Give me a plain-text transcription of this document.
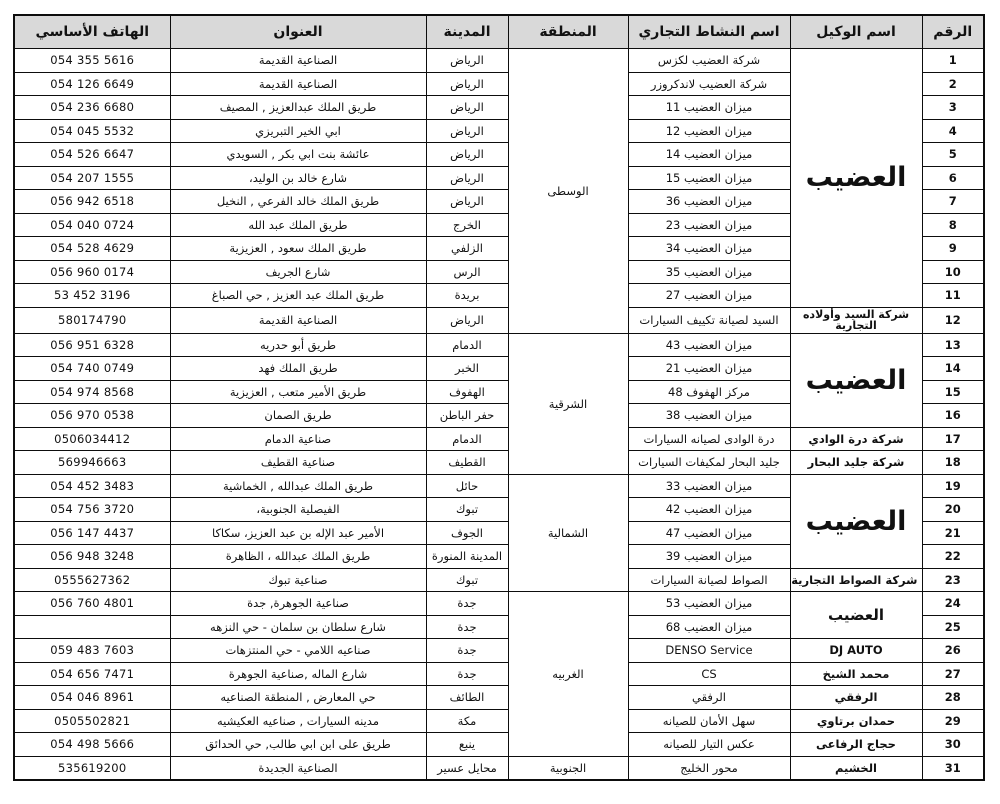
الرقم	اسم الوكيل	اسم النشاط التجاري	المنطقة	المدينة	العنوان	الهاتف الأساسي
1	العضيب	شركة العضيب لكزس	الوسطى	الرياض	الصناعية القديمة	054 355 5616
2		شركة العضيب لاندكروزر		الرياض	الصناعية القديمة	054 126 6649
3		ميزان العضيب 11		الرياض	طريق الملك عبدالعزيز , المصيف	054 236 6680
4		ميزان العضيب 12		الرياض	ابي الخير التبريزي	054 045 5532
5		ميزان العضيب 14		الرياض	عائشة بنت ابي بكر , السويدي	054 526 6647
6		ميزان العضيب 15		الرياض	شارع خالد بن الوليد،	054 207 1555
7		ميزان العضيب 36		الرياض	طريق الملك خالد الفرعي , النخيل	056 942 6518
8		ميزان العضيب 23		الخرج	طريق الملك عبد الله	054 040 0724
9		ميزان العضيب 34		الزلفي	طريق الملك سعود , العزيزية	054 528 4629
10		ميزان العضيب 35		الرس	شارع الجريف	056 960 0174
11		ميزان العضيب 27		بريدة	طريق الملك عبد العزيز , حي الصباغ	53 452 3196
12	شركة السيد وأولاده التجارية	السيد لصيانة تكييف السيارات		الرياض	الصناعية القديمة	580174790
13	العضيب	ميزان العضيب 43	الشرقية	الدمام	طريق أبو حدريه	056 951 6328
14		ميزان العضيب 21		الخبر	طريق الملك فهد	054 740 0749
15		مركز الهفوف 48		الهفوف	طريق الأمير متعب , العزيزية	054 974 8568
16		ميزان العضيب 38		حفر الباطن	طريق الصمان	056 970 0538
17	شركة درة الوادي	درة الوادى لصيانه السيارات		الدمام	صناعية الدمام	0506034412
18	شركة جليد البحار	جليد البحار لمكيفات السيارات		القطيف	صناعية القطيف	569946663
19	العضيب	ميزان العضيب 33	الشمالية	حائل	طريق الملك عبدالله , الخماشية	054 452 3483
20		ميزان العضيب 42		تبوك	الفيصلية الجنوبية،	054 756 3720
21		ميزان العضيب 47		الجوف	الأمير عبد الإله بن عبد العزيز، سكاكا	056 147 4437
22		ميزان العضيب 39		المدينة المنورة	طريق الملك عبدالله ، الظاهرة	056 948 3248
23	شركة الصواط التجارية	الصواط لصيانة السيارات		تبوك	صناعية تبوك	0555627362
24	العضيب	ميزان العضيب 53	الغربيه	جدة	صناعية الجوهرة, جدة	056 760 4801
25		ميزان العضيب 68		جدة	شارع سلطان بن سلمان - حي النزهه	
26	DJ AUTO	DENSO Service		جدة	صناعيه اللامي - حي المنتزهات	059 483 7603
27	محمد الشيخ	CS		جدة	شارع الماله ,صناعية الجوهرة	054 656 7471
28	الرفقي	الرفقي		الطائف	حي المعارض , المنطقة الصناعيه	054 046 8961
29	حمدان برتاوي	سهل الأمان للصيانه		مكة	مدينه السيارات , صناعيه العكيشيه	0505502821
30	حجاج الرفاعى	عكس التيار للصيانه		ينبع	طريق على ابن ابي طالب, حي الحدائق	054 498 5666
31	الخشيم	محور الخليج	الجنوبية	محايل عسير	الصناعية الجديدة	535619200
